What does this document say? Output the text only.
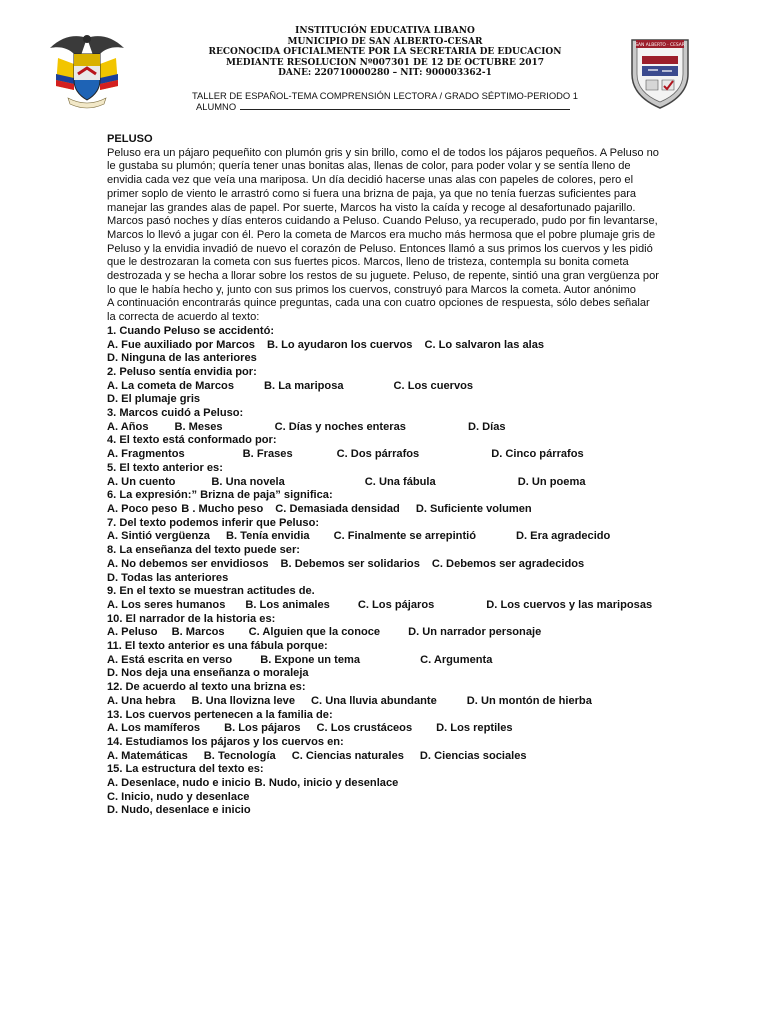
INSTITUCIÓN EDUCATIVA LIBANO
MUNICIPIO DE SAN ALBERTO-CESAR
RECONOCIDA OFICIALMENTE POR LA SECRETARIA DE EDUCACION
MEDIANTE RESOLUCION Nº007301 DE 12 DE OCTUBRE 2017
DANE: 220710000280 – NIT: 900003362-1
TALLER DE ESPAÑOL-TEMA COMPRENSIÓN LECTORA / GRADO SÉPTIMO-PERIODO 1
ALUMNO
SAN ALBERTO · CESAR
PELUSO
Peluso era un pájaro pequeñito con plumón gris y sin brillo, como el de todos los pájaros pequeños. A Peluso no le gustaba su plumón; quería tener unas bonitas alas, llenas de color, para poder volar y se sentía lleno de envidia cada vez que veía una mariposa. Un día decidió hacerse unas alas con papeles de colores, pero el primer soplo de viento le arrastró como si fuera una brizna de paja, ya que no tenía fuerzas suficientes para manejar las grandes alas de papel. Por suerte, Marcos ha visto la caída y recoge al desafortunado pajarillo. Marcos pasó noches y días enteros cuidando a Peluso. Cuando Peluso, ya recuperado, pudo por fin levantarse, Marcos lo llevó a jugar con él. Pero la cometa de Marcos era mucho más hermosa que el pobre plumaje gris de Peluso y la envidia invadió de nuevo el corazón de Peluso. Entonces llamó a sus primos los cuervos y les pidió que le destrozaran la cometa con sus fuertes picos. Marcos, lleno de tristeza, contempla su bonita cometa destrozada y se hecha a llorar sobre los restos de su juguete. Peluso, de repente, sintió una gran vergüenza por lo que le había hecho y, junto con sus primos los cuervos, construyó para Marcos la cometa. Autor anónimo
A continuación encontrarás quince preguntas, cada una con cuatro opciones de respuesta, sólo debes señalar la correcta de acuerdo al texto:
1. Cuando Peluso se accidentó:
A. Fue auxiliado por Marcos B. Lo ayudaron los cuervos C. Lo salvaron las alas
D. Ninguna de las anteriores
2. Peluso sentía envidia por:
A. La cometa de Marcos	B. La mariposa	C. Los cuervos
D. El plumaje gris
3. Marcos cuidó a Peluso:
A. Años B. Meses	C. Días y noches enteras	D. Días
4. El texto está conformado por:
A. Fragmentos	B. Frases	C. Dos párrafos	D. Cinco párrafos
5. El texto anterior es:
A. Un cuento	B. Una novela	C. Una fábula	D. Un poema
6. La expresión:” Brizna de paja” significa:
A. Poco peso B . Mucho peso C. Demasiada densidad D. Suficiente volumen
7. Del texto podemos inferir que Peluso:
A. Sintió vergüenza B. Tenía envidia C. Finalmente se arrepintió	D. Era agradecido
8. La enseñanza del texto puede ser:
A. No debemos ser envidiosos B. Debemos ser solidarios C. Debemos ser agradecidos
D. Todas las anteriores
9. En el texto se muestran actitudes de.
A. Los seres humanos B. Los animales	C. Los pájaros	D. Los cuervos y las mariposas
10. El narrador de la historia es:
A. Peluso B. Marcos C. Alguien que la conoce	D. Un narrador personaje
11. El texto anterior es una fábula porque:
A. Está escrita en verso	B. Expone un tema	C. Argumenta
D. Nos deja una enseñanza o moraleja
12. De acuerdo al texto una brizna es:
A. Una hebra B. Una llovizna leve C. Una lluvia abundante	D. Un montón de hierba
13. Los cuervos pertenecen a la familia de:
A. Los mamíferos B. Los pájaros C. Los crustáceos D. Los reptiles
14. Estudiamos los pájaros y los cuervos en:
A. Matemáticas B. Tecnología C. Ciencias naturales D. Ciencias sociales
15. La estructura del texto es:
A. Desenlace, nudo e inicio B. Nudo, inicio y desenlace
C. Inicio, nudo y desenlace
D. Nudo, desenlace e inicio
